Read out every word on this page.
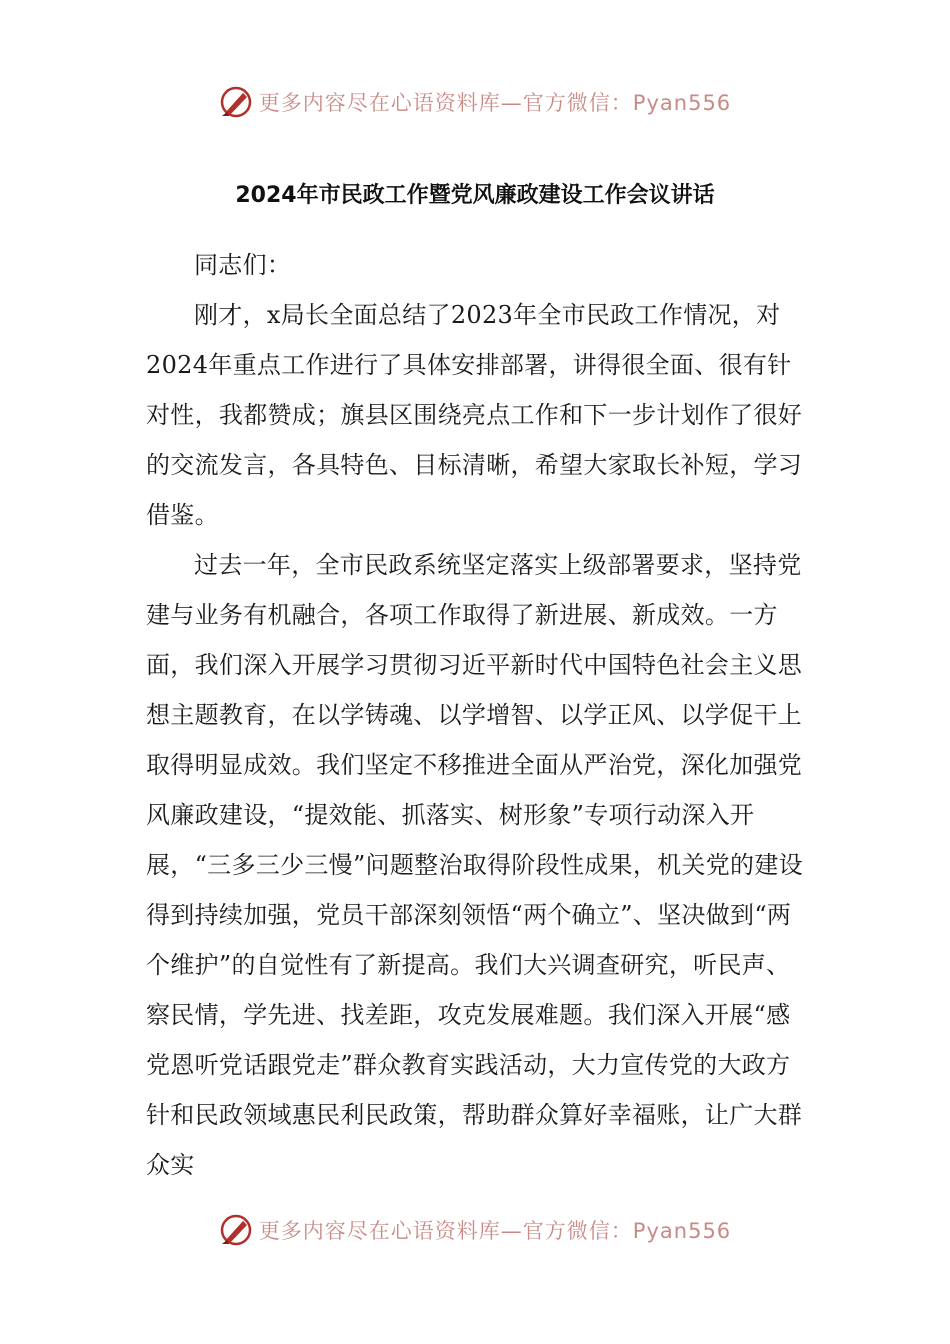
更多内容尽在心语资料库—官方微信：Pyan556
2024年市民政工作暨党风廉政建设工作会议讲话

同志们：

刚才，x局长全面总结了2023年全市民政工作情况，对2024年重点工作进行了具体安排部署，讲得很全面、很有针对性，我都赞成；旗县区围绕亮点工作和下一步计划作了很好的交流发言，各具特色、目标清晰，希望大家取长补短，学习借鉴。

过去一年，全市民政系统坚定落实上级部署要求，坚持党建与业务有机融合，各项工作取得了新进展、新成效。一方面，我们深入开展学习贯彻习近平新时代中国特色社会主义思想主题教育，在以学铸魂、以学增智、以学正风、以学促干上取得明显成效。我们坚定不移推进全面从严治党，深化加强党风廉政建设，“提效能、抓落实、树形象”专项行动深入开展，“三多三少三慢”问题整治取得阶段性成果，机关党的建设得到持续加强，党员干部深刻领悟“两个确立”、坚决做到“两个维护”的自觉性有了新提高。我们大兴调查研究，听民声、察民情，学先进、找差距，攻克发展难题。我们深入开展“感党恩听党话跟党走”群众教育实践活动，大力宣传党的大政方针和民政领域惠民利民政策，帮助群众算好幸福账，让广大群众实

更多内容尽在心语资料库—官方微信：Pyan556
